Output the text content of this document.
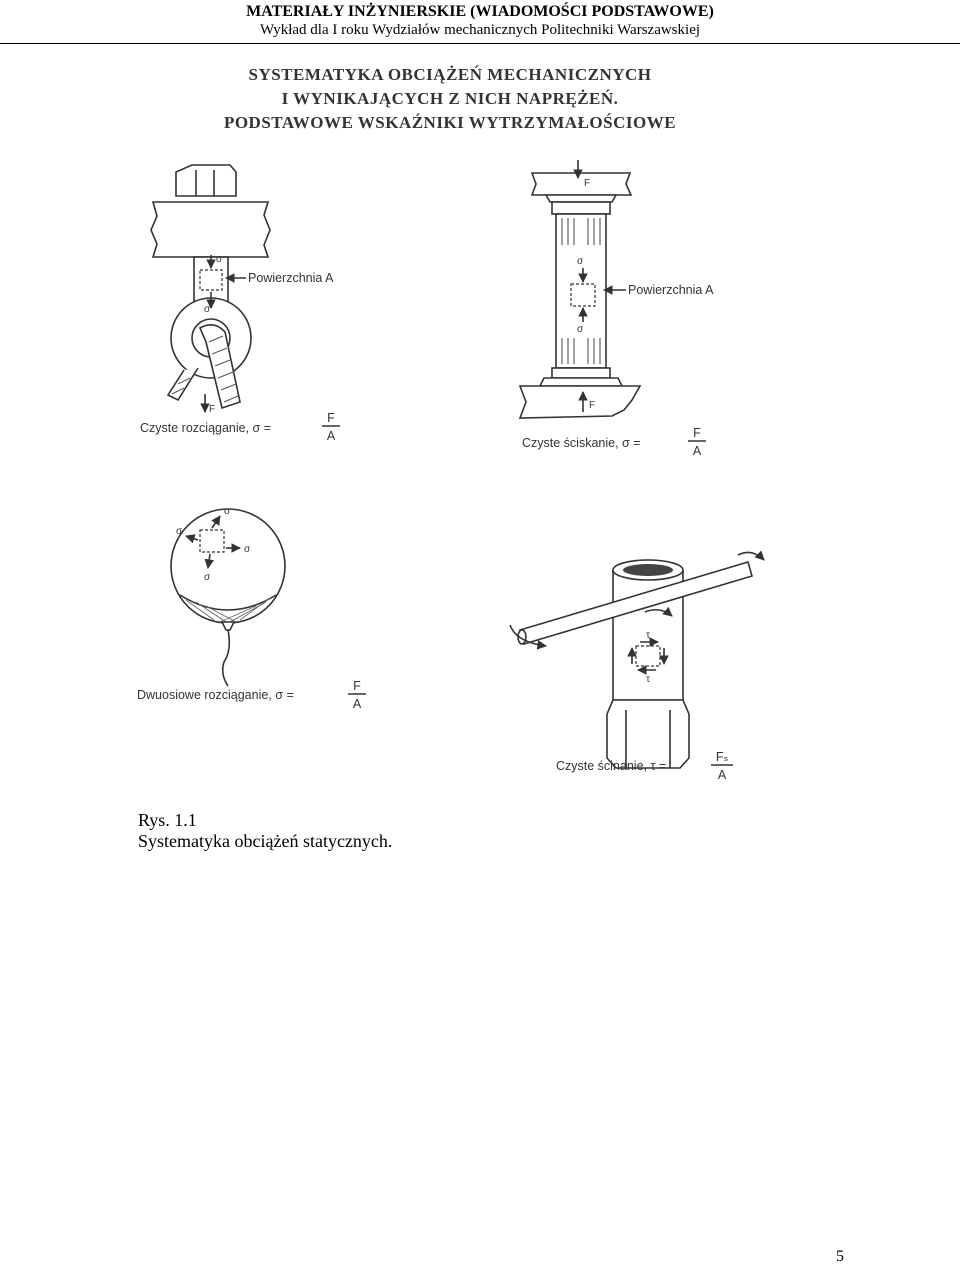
MATERIAŁY INŻYNIERSKIE (WIADOMOŚCI PODSTAWOWE)
Wykład dla I roku Wydziałów mechanicznych Politechniki Warszawskiej
SYSTEMATYKA OBCIĄŻEŃ MECHANICZNYCH
I WYNIKAJĄCYCH Z NICH NAPRĘŻEŃ.
PODSTAWOWE WSKAŹNIKI WYTRZYMAŁOŚCIOWE
σ
σ
Powierzchnia A
F
Czyste rozciąganie, σ =
F
A
σ
σ
Powierzchnia A
F
F
Czyste ściskanie, σ =
F
A
σ
σ
σ
σ
Dwuosiowe rozciąganie, σ =
F
A
τ
τ
Czyste ścinanie, τ =
Fₛ
A
Rys. 1.1
Systematyka obciążeń statycznych.
5
